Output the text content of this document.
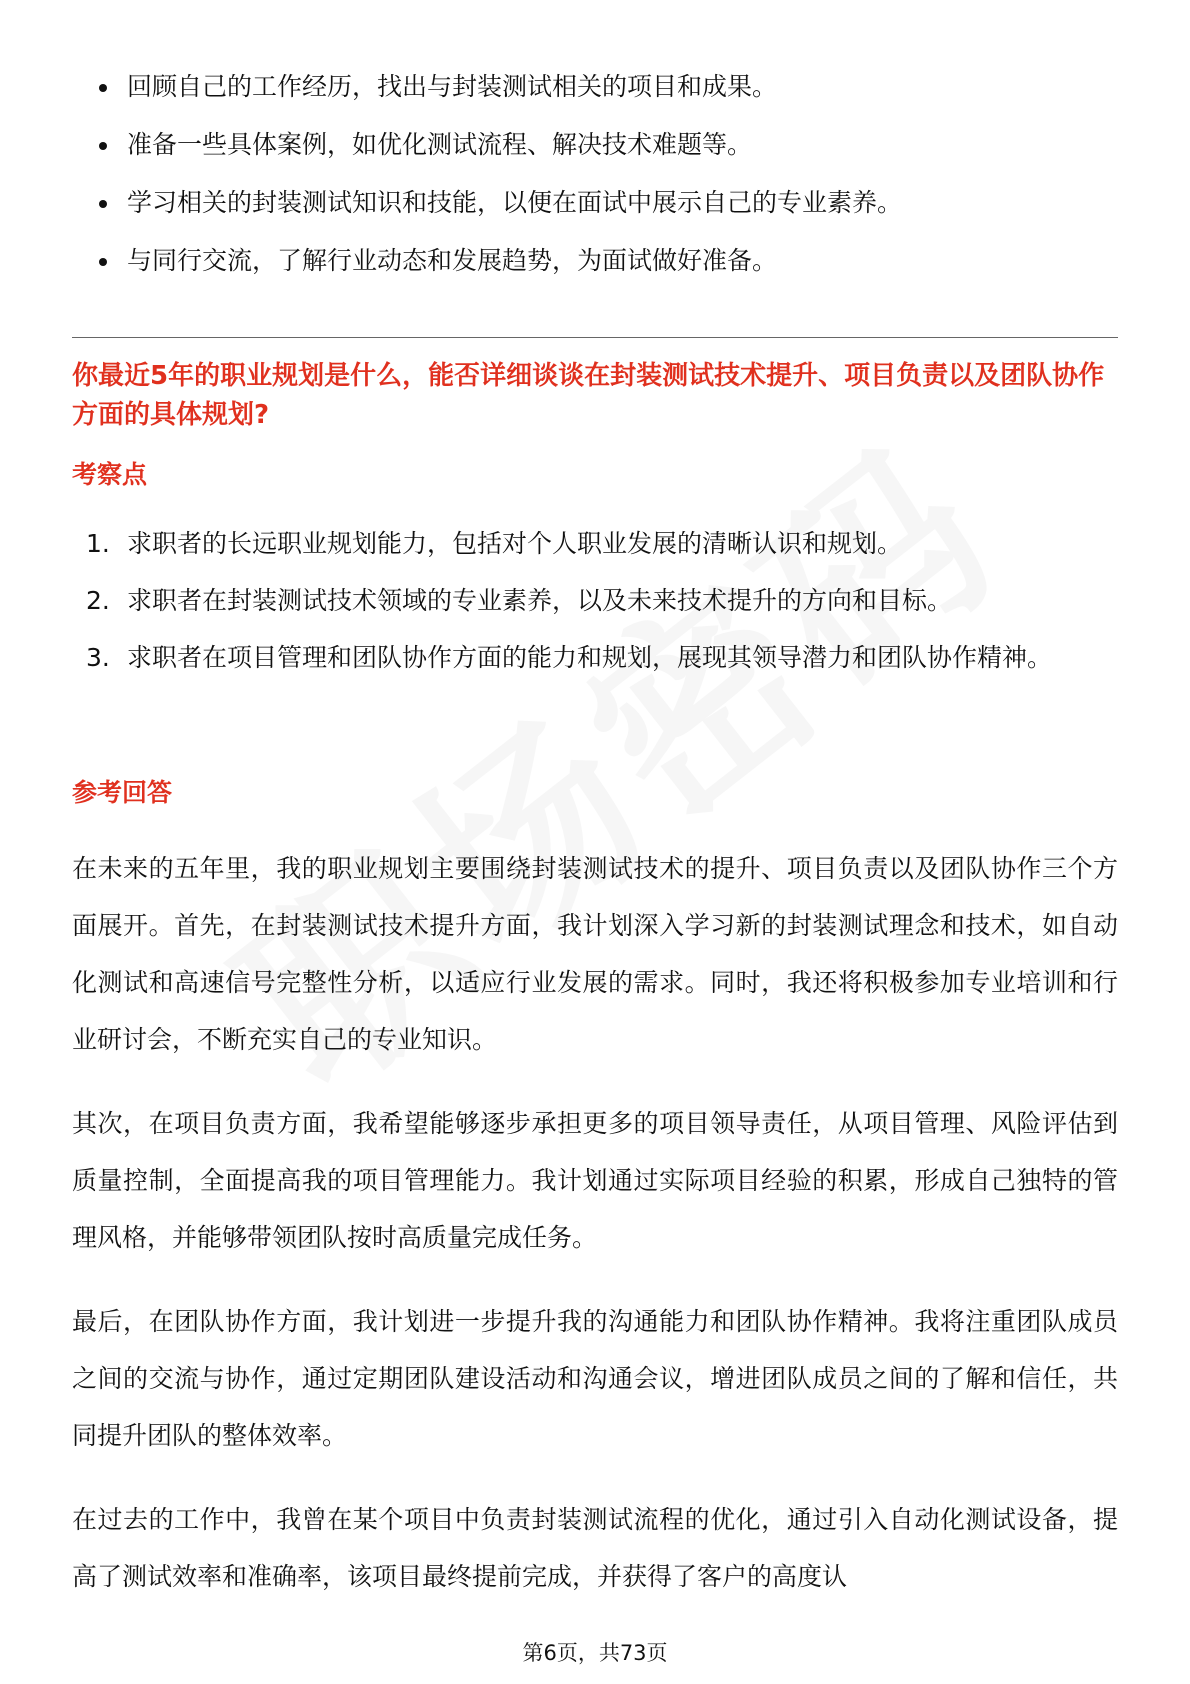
回顾自己的工作经历，找出与封装测试相关的项目和成果。
准备一些具体案例，如优化测试流程、解决技术难题等。
学习相关的封装测试知识和技能，以便在面试中展示自己的专业素养。
与同行交流，了解行业动态和发展趋势，为面试做好准备。
你最近5年的职业规划是什么，能否详细谈谈在封装测试技术提升、项目负责以及团队协作方面的具体规划?
考察点
1. 求职者的长远职业规划能力，包括对个人职业发展的清晰认识和规划。
2. 求职者在封装测试技术领域的专业素养，以及未来技术提升的方向和目标。
3. 求职者在项目管理和团队协作方面的能力和规划，展现其领导潜力和团队协作精神。
参考回答

在未来的五年里，我的职业规划主要围绕封装测试技术的提升、项目负责以及团队协作三个方面展开。首先，在封装测试技术提升方面，我计划深入学习新的封装测试理念和技术，如自动化测试和高速信号完整性分析，以适应行业发展的需求。同时，我还将积极参加专业培训和行业研讨会，不断充实自己的专业知识。

其次，在项目负责方面，我希望能够逐步承担更多的项目领导责任，从项目管理、风险评估到质量控制，全面提高我的项目管理能力。我计划通过实际项目经验的积累，形成自己独特的管理风格，并能够带领团队按时高质量完成任务。

最后，在团队协作方面，我计划进一步提升我的沟通能力和团队协作精神。我将注重团队成员之间的交流与协作，通过定期团队建设活动和沟通会议，增进团队成员之间的了解和信任，共同提升团队的整体效率。

在过去的工作中，我曾在某个项目中负责封装测试流程的优化，通过引入自动化测试设备，提高了测试效率和准确率，该项目最终提前完成，并获得了客户的高度认

第6页，共73页
